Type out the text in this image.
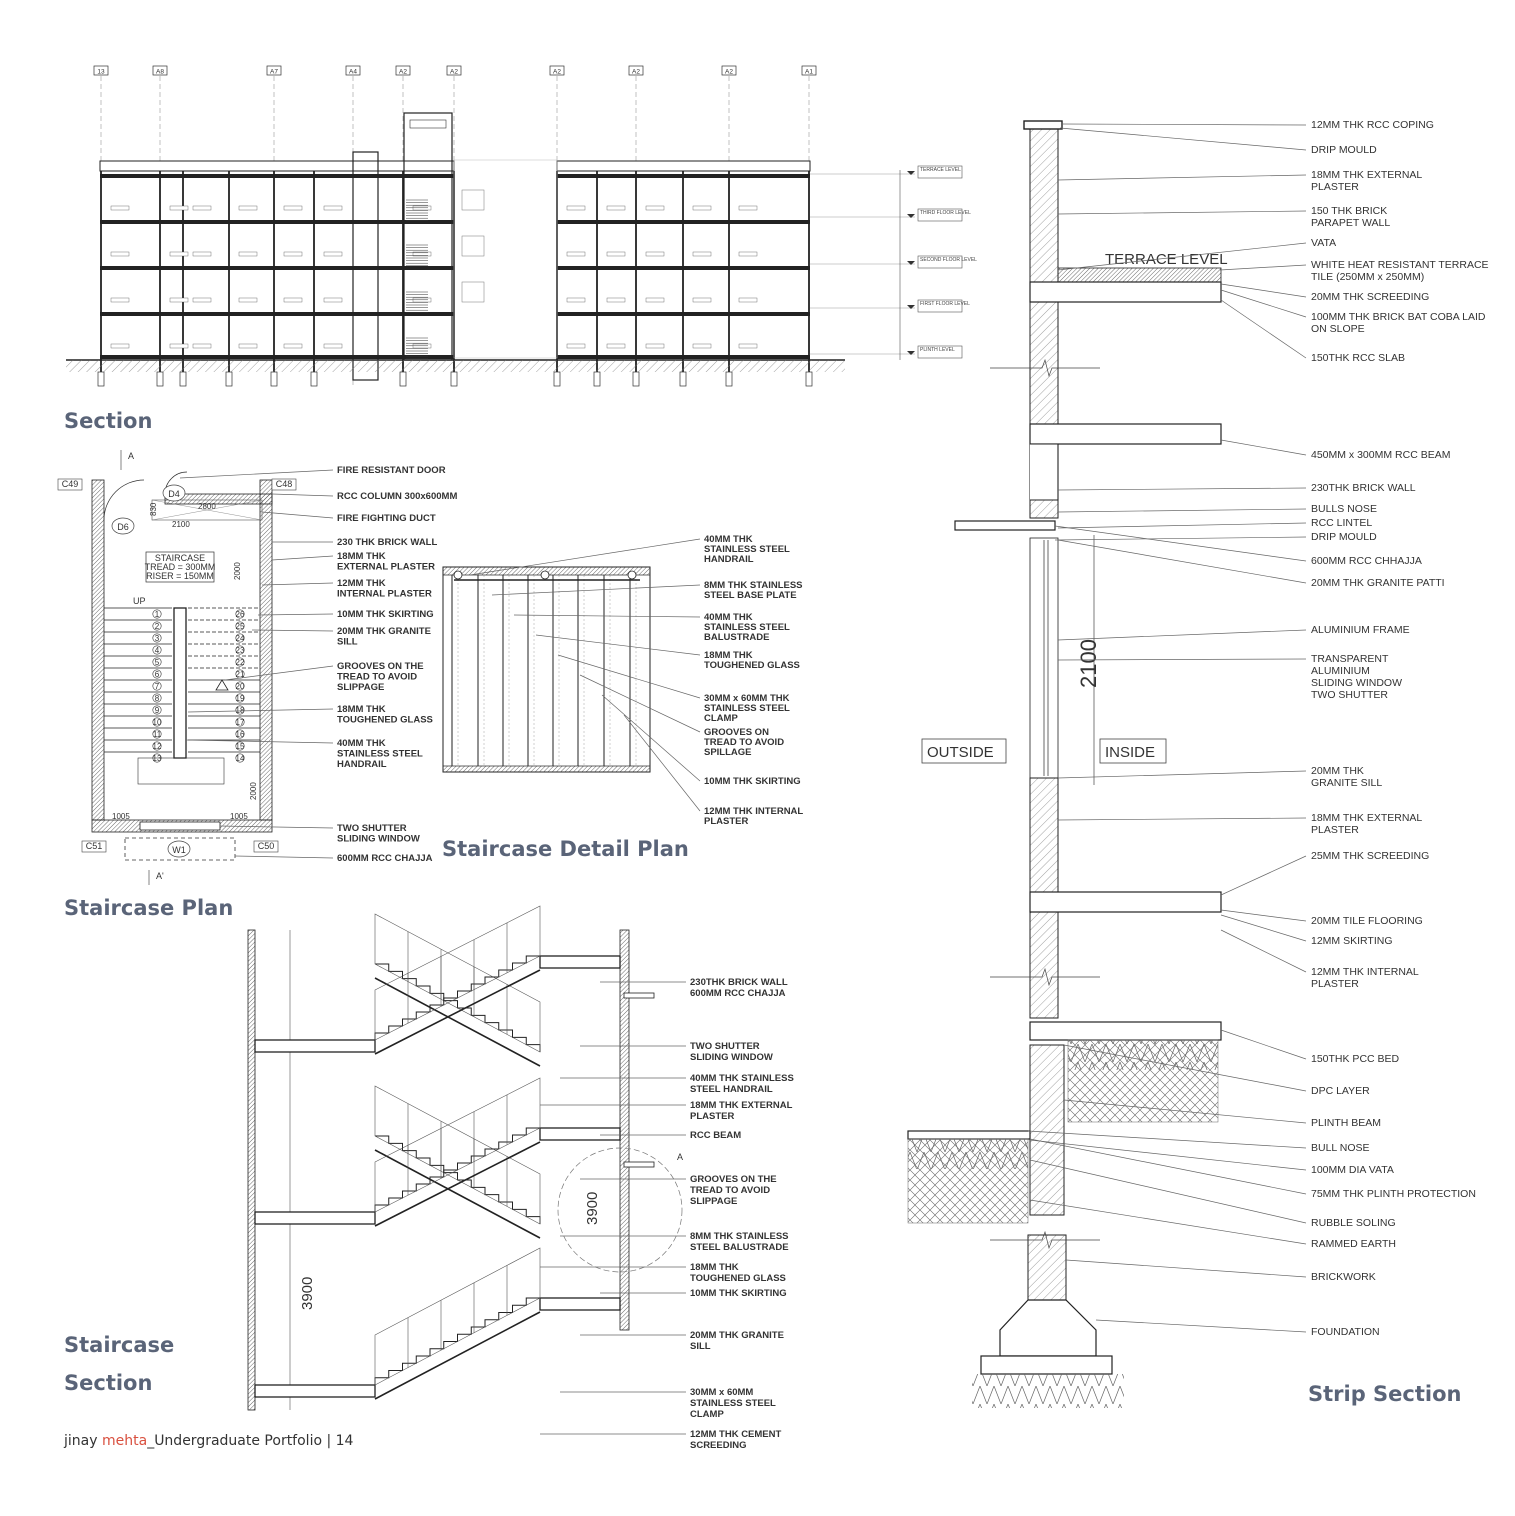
13	A8	A7	A4	A2	A2	A2	A2	A2	A1
TERRACE LEVEL
THIRD FLOOR LEVEL
SECOND FLOOR LEVEL
FIRST FLOOR LEVEL
PLINTH LEVEL
Section
STAIRCASE
TREAD = 300MM
RISER = 150MM
UP
1	26
2	25
3	24
4	23
5	22
6	21
7	20
8	19
9	18
10	17
11	16
12	15
13	14
C49	C48
C51	C50
D4
D6
W1
A
A'
2800
830
2100
2000
2000
1005	1005
FIRE RESISTANT DOOR
RCC COLUMN 300x600MM
FIRE FIGHTING DUCT
230 THK BRICK WALL
18MM THK
EXTERNAL PLASTER
12MM THK
INTERNAL PLASTER
10MM THK SKIRTING
20MM THK GRANITE
SILL
GROOVES ON THE
TREAD TO AVOID
SLIPPAGE
18MM THK
TOUGHENED GLASS
40MM THK
STAINLESS STEEL
HANDRAIL
TWO SHUTTER
SLIDING WINDOW
600MM RCC CHAJJA
Staircase Plan
40MM THK
STAINLESS STEEL
HANDRAIL
8MM THK STAINLESS
STEEL BASE PLATE
40MM THK
STAINLESS STEEL
BALUSTRADE
18MM THK
TOUGHENED GLASS
30MM x 60MM THK
STAINLESS STEEL
CLAMP
GROOVES ON
TREAD TO AVOID
SPILLAGE
10MM THK SKIRTING
12MM THK INTERNAL
PLASTER
Staircase Detail Plan
A
3900
3900
230THK BRICK WALL
600MM RCC CHAJJA
TWO SHUTTER
SLIDING WINDOW
40MM THK STAINLESS
STEEL HANDRAIL
18MM THK EXTERNAL
PLASTER
RCC BEAM
GROOVES ON THE
TREAD TO AVOID
SLIPPAGE
8MM THK STAINLESS
STEEL BALUSTRADE
18MM THK
TOUGHENED GLASS
10MM THK SKIRTING
20MM THK GRANITE
SILL
30MM x 60MM
STAINLESS STEEL
CLAMP
12MM THK CEMENT
SCREEDING
Staircase
Section
TERRACE LEVEL
OUTSIDE	INSIDE
2100
12MM THK RCC COPING
DRIP MOULD
18MM THK EXTERNAL
PLASTER
150 THK BRICK
PARAPET WALL
VATA
WHITE HEAT RESISTANT TERRACE
TILE (250MM x 250MM)
20MM THK SCREEDING
100MM THK BRICK BAT COBA LAID
ON SLOPE
150THK RCC SLAB
450MM x 300MM RCC BEAM
230THK BRICK WALL
BULLS NOSE
RCC LINTEL
DRIP MOULD
600MM RCC CHHAJJA
20MM THK GRANITE PATTI
ALUMINIUM FRAME
TRANSPARENT
ALUMINIUM
SLIDING WINDOW
TWO SHUTTER
20MM THK
GRANITE SILL
18MM THK EXTERNAL
PLASTER
25MM THK SCREEDING
20MM TILE FLOORING
12MM SKIRTING
12MM THK INTERNAL
PLASTER
150THK PCC BED
DPC LAYER
PLINTH BEAM
BULL NOSE
100MM DIA VATA
75MM THK PLINTH PROTECTION
RUBBLE SOLING
RAMMED EARTH
BRICKWORK
FOUNDATION
Strip Section
jinay mehta_Undergraduate Portfolio | 14
